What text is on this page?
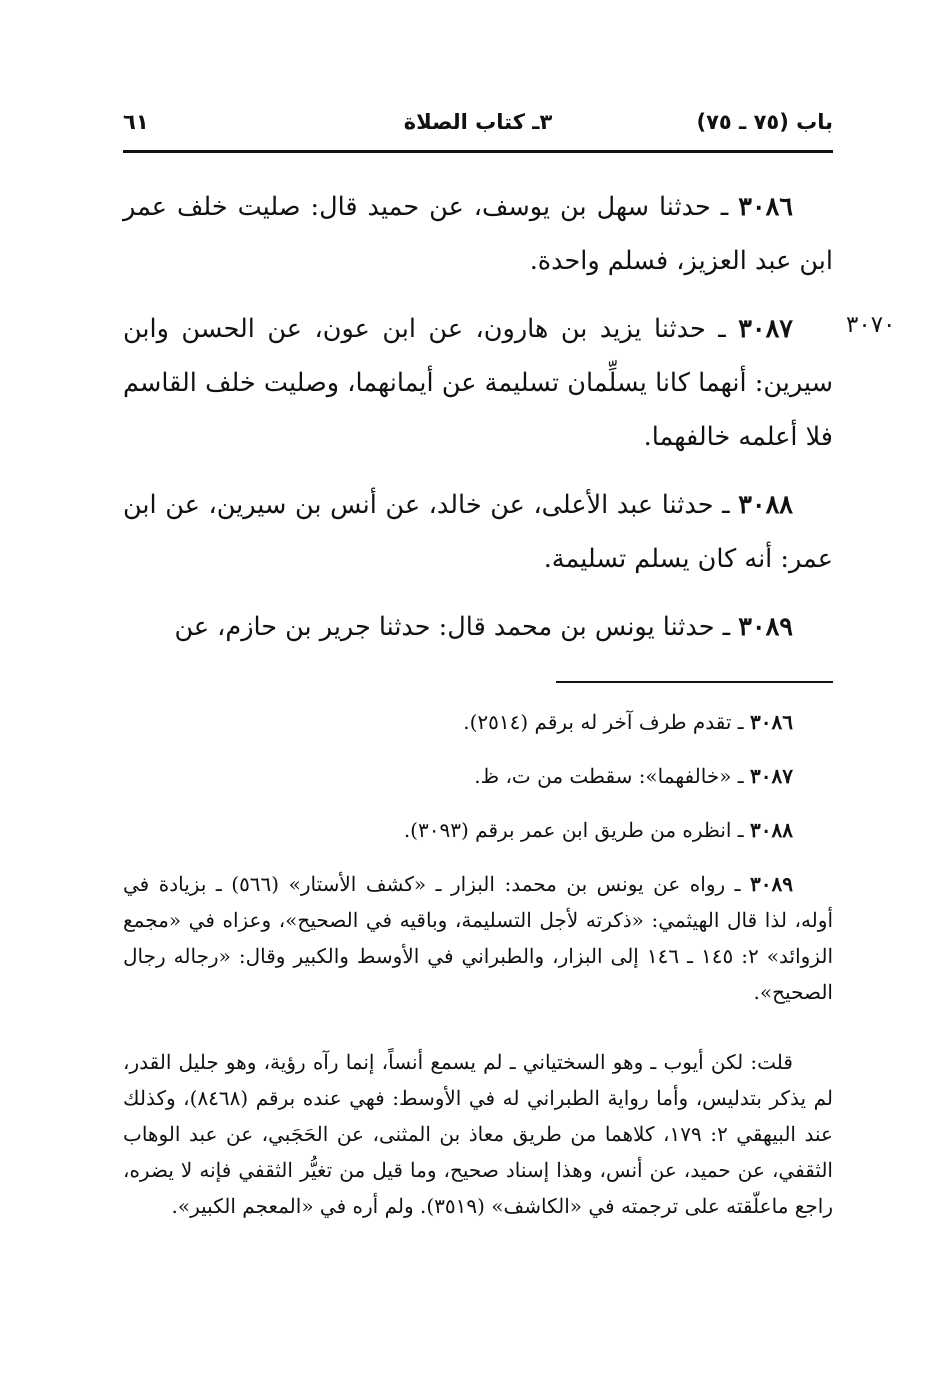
باب (٧٥ ـ ٧٥)
٣ـ كتاب الصلاة
٦١
٣٠٧٠

٣٠٨٦ ـ حدثنا سهل بن يوسف، عن حميد قال: صليت خلف عمر ابن عبد العزيز، فسلم واحدة.

٣٠٨٧ ـ حدثنا يزيد بن هارون، عن ابن عون، عن الحسن وابن سيرين: أنهما كانا يسلِّمان تسليمة عن أيمانهما، وصليت خلف القاسم فلا أعلمه خالفهما.

٣٠٨٨ ـ حدثنا عبد الأعلى، عن خالد، عن أنس بن سيرين، عن ابن عمر: أنه كان يسلم تسليمة.

٣٠٨٩ ـ حدثنا يونس بن محمد قال: حدثنا جرير بن حازم، عن

٣٠٨٦ ـ تقدم طرف آخر له برقم (٢٥١٤).

٣٠٨٧ ـ «خالفهما»: سقطت من ت، ظ.

٣٠٨٨ ـ انظره من طريق ابن عمر برقم (٣٠٩٣).

٣٠٨٩ ـ رواه عن يونس بن محمد: البزار ـ «كشف الأستار» (٥٦٦) ـ بزيادة في أوله، لذا قال الهيثمي: «ذكرته لأجل التسليمة، وباقيه في الصحيح»، وعزاه في «مجمع الزوائد» ٢: ١٤٥ ـ ١٤٦ إلى البزار، والطبراني في الأوسط والكبير وقال: «رجاله رجال الصحيح».

قلت: لكن أيوب ـ وهو السختياني ـ لم يسمع أنساً، إنما رآه رؤية، وهو جليل القدر، لم يذكر بتدليس، وأما رواية الطبراني له في الأوسط: فهي عنده برقم (٨٤٦٨)، وكذلك عند البيهقي ٢: ١٧٩، كلاهما من طريق معاذ بن المثنى، عن الحَجَبي، عن عبد الوهاب الثقفي، عن حميد، عن أنس، وهذا إسناد صحيح، وما قيل من تغيُّر الثقفي فإنه لا يضره، راجع ماعلّقته على ترجمته في «الكاشف» (٣٥١٩). ولم أره في «المعجم الكبير».
